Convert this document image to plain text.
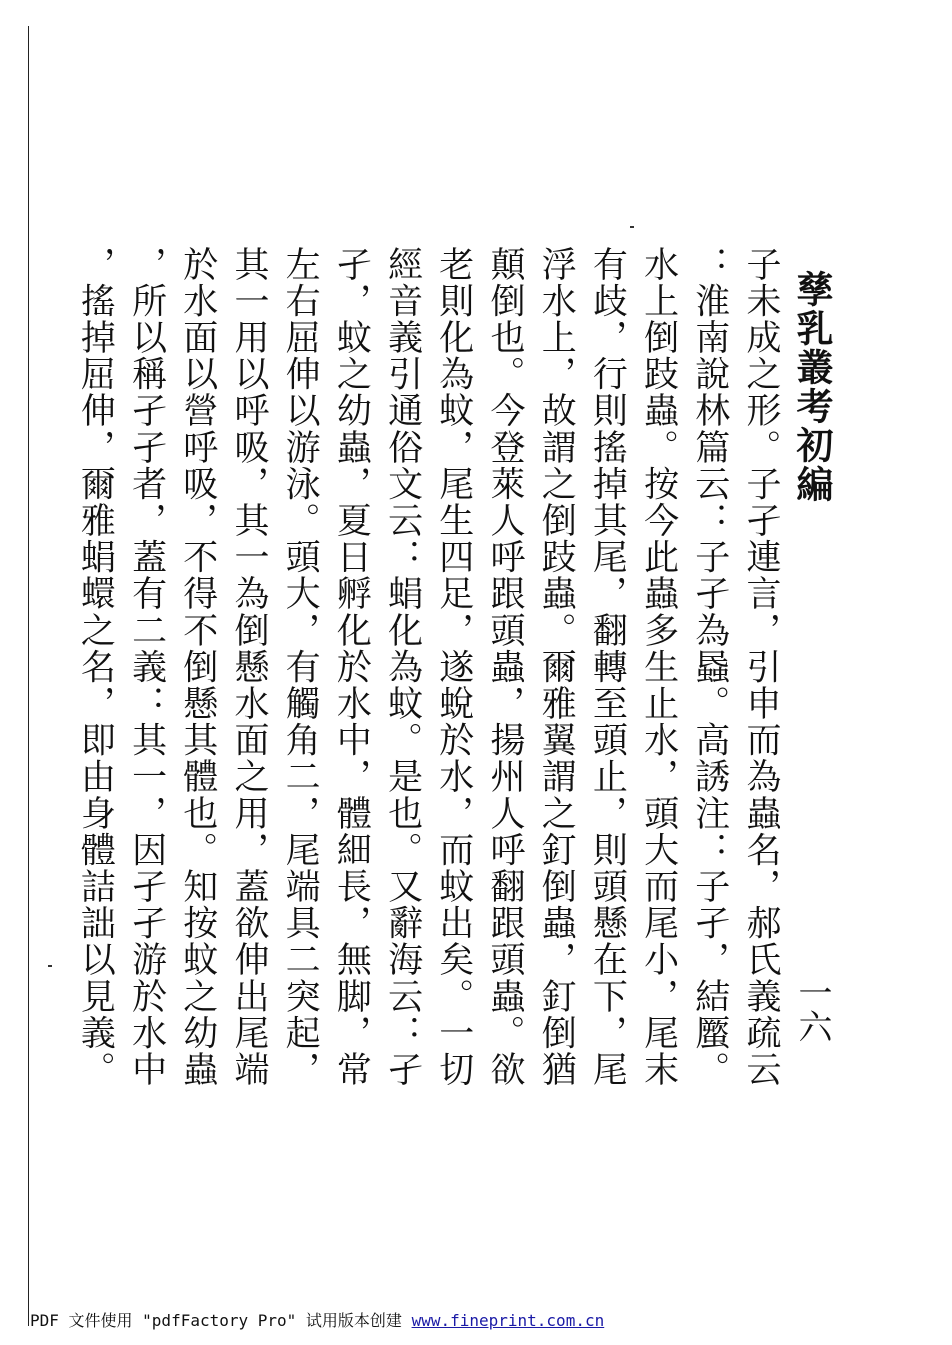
孳乳叢考初編
一六
子未成之形。子孑連言，引申而為蟲名，郝氏義疏云
：淮南說林篇云：子孑為蟁。高誘注：子孑，結蟨。
水上倒跂蟲。按今此蟲多生止水，頭大而尾小，尾末
有歧，行則搖掉其尾，翻轉至頭止，則頭懸在下，尾
浮水上，故謂之倒跂蟲。爾雅翼謂之釘倒蟲，釘倒猶
顛倒也。今登萊人呼跟頭蟲，揚州人呼翻跟頭蟲。欲
老則化為蚊，尾生四足，遂蛻於水，而蚊出矣。一切
經音義引通俗文云：蜎化為蚊。是也。又辭海云：孑
孑，蚊之幼蟲，夏日孵化於水中，體細長，無脚，常
左右屈伸以游泳。頭大，有觸角二，尾端具二突起，
其一用以呼吸，其一為倒懸水面之用，蓋欲伸出尾端
於水面以營呼吸，不得不倒懸其體也。知按蚊之幼蟲
，所以稱孑孑者，蓋有二義：其一，因孑孑游於水中
，搖掉屈伸，爾雅蜎蠉之名，即由身體詰詘以見義。
PDF 文件使用 "pdfFactory Pro" 试用版本创建 www.fineprint.com.cn
